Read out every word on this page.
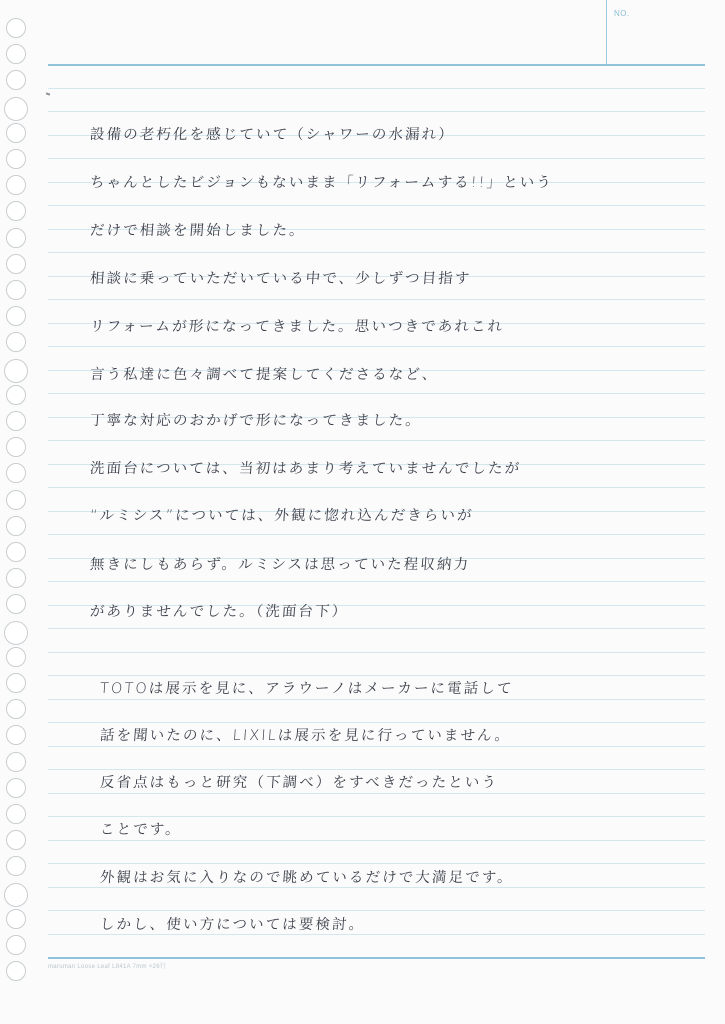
NO.
設備の老朽化を感じていて（シャワーの水漏れ）
ちゃんとしたビジョンもないまま「リフォームする!!」という
だけで相談を開始しました。
相談に乗っていただいている中で、少しずつ目指す
リフォームが形になってきました。思いつきであれこれ
言う私達に色々調べて提案してくださるなど、
丁寧な対応のおかげで形になってきました。
洗面台については、当初はあまり考えていませんでしたが
“ルミシス”については、外観に惚れ込んだきらいが
無きにしもあらず。ルミシスは思っていた程収納力
がありませんでした。（洗面台下）
TOTOは展示を見に、アラウーノはメーカーに電話して
話を聞いたのに、LIXILは展示を見に行っていません。
反省点はもっと研究（下調べ）をすべきだったという
ことです。
外観はお気に入りなので眺めているだけで大満足です。
しかし、使い方については要検討。
maruman Loose Leaf L841A 7mm ×26行
